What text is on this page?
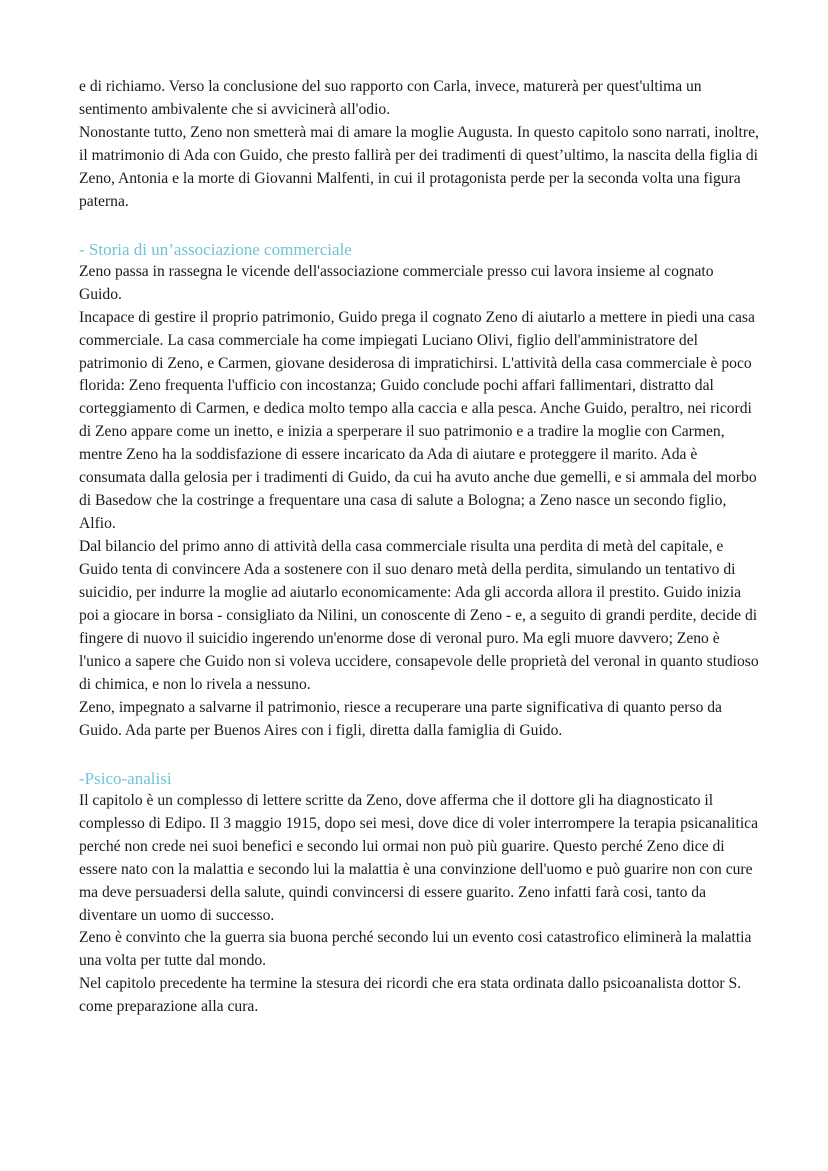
e di richiamo. Verso la conclusione del suo rapporto con Carla, invece, maturerà per quest'ultima un sentimento ambivalente che si avvicinerà all'odio.

Nonostante tutto, Zeno non smetterà mai di amare la moglie Augusta. In questo capitolo sono narrati, inoltre, il matrimonio di Ada con Guido, che presto fallirà per dei tradimenti di quest’ultimo, la nascita della figlia di Zeno, Antonia e la morte di Giovanni Malfenti, in cui il protagonista perde per la seconda volta una figura paterna.

- Storia di un’associazione commerciale

Zeno passa in rassegna le vicende dell'associazione commerciale presso cui lavora insieme al cognato Guido.

Incapace di gestire il proprio patrimonio, Guido prega il cognato Zeno di aiutarlo a mettere in piedi una casa commerciale. La casa commerciale ha come impiegati Luciano Olivi, figlio dell'amministratore del patrimonio di Zeno, e Carmen, giovane desiderosa di impratichirsi. L'attività della casa commerciale è poco florida: Zeno frequenta l'ufficio con incostanza; Guido conclude pochi affari fallimentari, distratto dal corteggiamento di Carmen, e dedica molto tempo alla caccia e alla pesca. Anche Guido, peraltro, nei ricordi di Zeno appare come un inetto, e inizia a sperperare il suo patrimonio e a tradire la moglie con Carmen, mentre Zeno ha la soddisfazione di essere incaricato da Ada di aiutare e proteggere il marito. Ada è consumata dalla gelosia per i tradimenti di Guido, da cui ha avuto anche due gemelli, e si ammala del morbo di Basedow che la costringe a frequentare una casa di salute a Bologna; a Zeno nasce un secondo figlio, Alfio.

Dal bilancio del primo anno di attività della casa commerciale risulta una perdita di metà del capitale, e Guido tenta di convincere Ada a sostenere con il suo denaro metà della perdita, simulando un tentativo di suicidio, per indurre la moglie ad aiutarlo economicamente: Ada gli accorda allora il prestito. Guido inizia poi a giocare in borsa - consigliato da Nilini, un conoscente di Zeno - e, a seguito di grandi perdite, decide di fingere di nuovo il suicidio ingerendo un'enorme dose di veronal puro. Ma egli muore davvero; Zeno è l'unico a sapere che Guido non si voleva uccidere, consapevole delle proprietà del veronal in quanto studioso di chimica, e non lo rivela a nessuno.

Zeno, impegnato a salvarne il patrimonio, riesce a recuperare una parte significativa di quanto perso da Guido. Ada parte per Buenos Aires con i figli, diretta dalla famiglia di Guido.

-Psico-analisi

Il capitolo è un complesso di lettere scritte da Zeno, dove afferma che il dottore gli ha diagnosticato il complesso di Edipo. Il 3 maggio 1915, dopo sei mesi, dove dice di voler interrompere la terapia psicanalitica perché non crede nei suoi benefici e secondo lui ormai non può più guarire. Questo perché Zeno dice di essere nato con la malattia e secondo lui la malattia è una convinzione dell'uomo e può guarire non con cure ma deve persuadersi della salute, quindi convincersi di essere guarito. Zeno infatti farà cosi, tanto da diventare un uomo di successo.

Zeno è convinto che la guerra sia buona perché secondo lui un evento cosi catastrofico eliminerà la malattia una volta per tutte dal mondo.

Nel capitolo precedente ha termine la stesura dei ricordi che era stata ordinata dallo psicoanalista dottor S. come preparazione alla cura.
